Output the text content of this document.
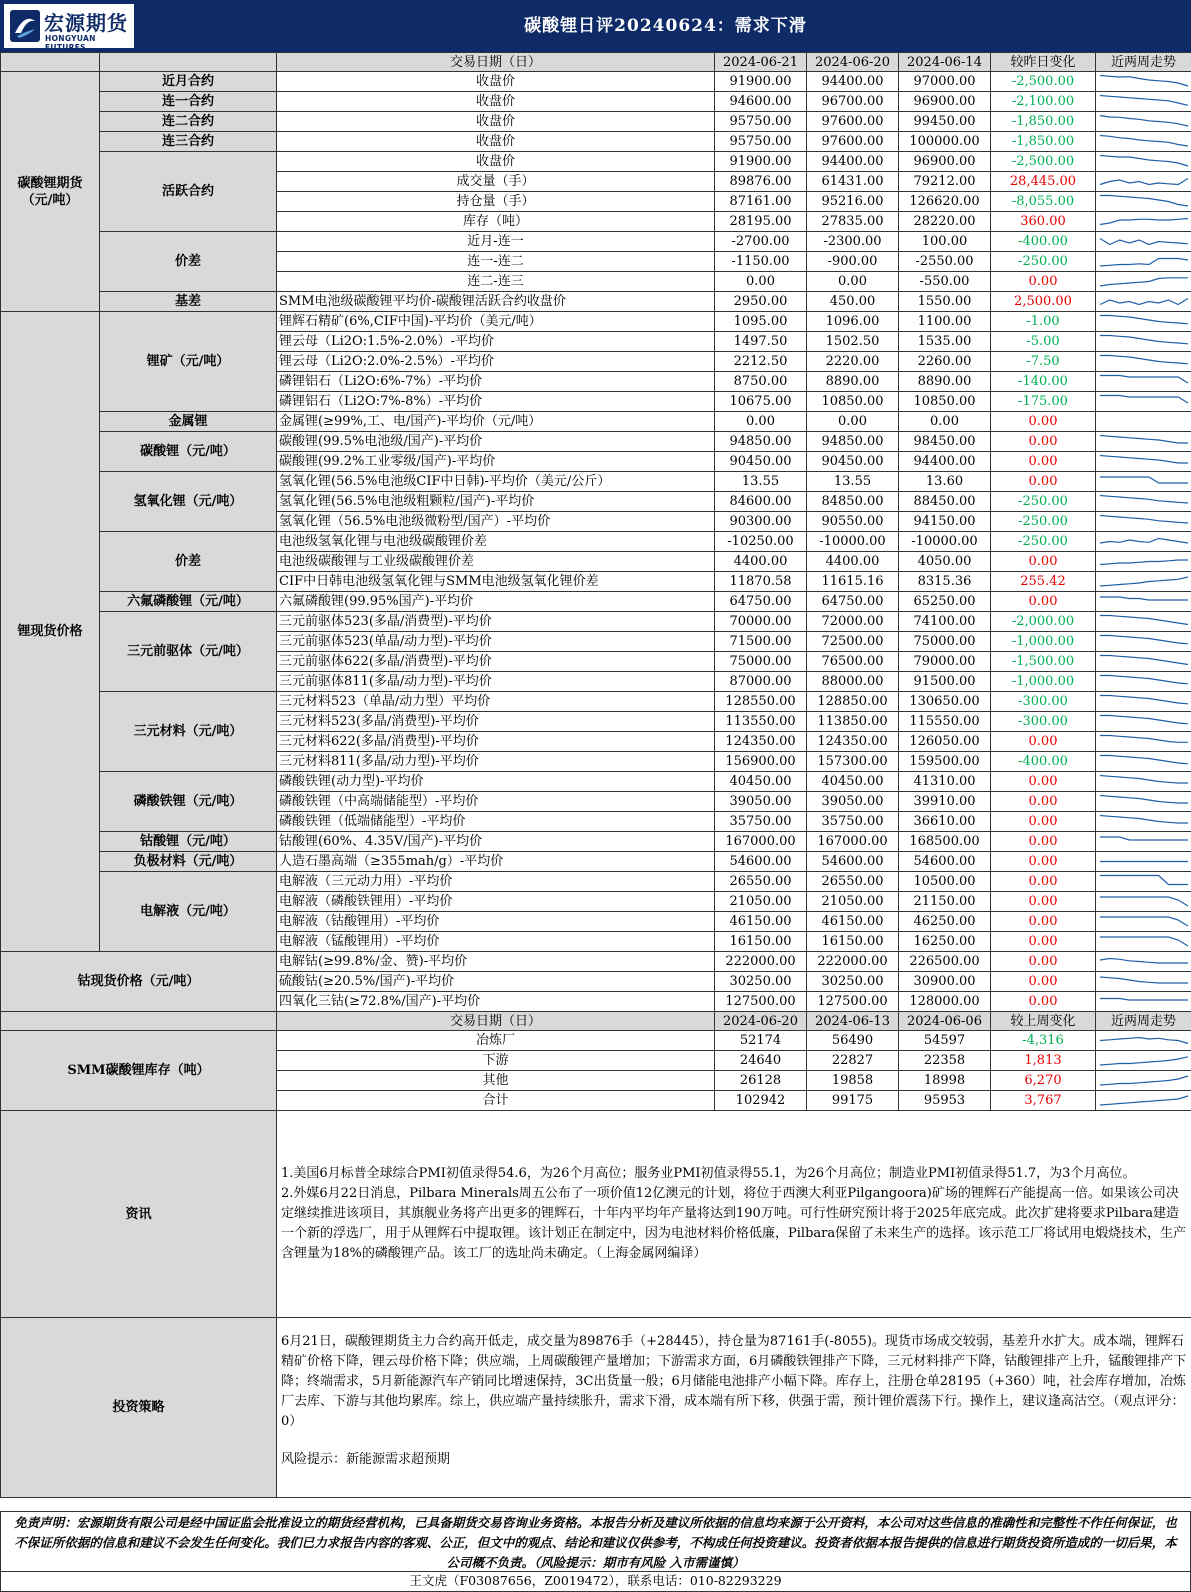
宏源期货
HONGYUAN FUTURES
碳酸锂日评20240624：需求下滑
		交易日期（日）	2024-06-21	2024-06-20	2024-06-14	较昨日变化	近两周走势
碳酸锂期货（元/吨）	近月合约	收盘价	91900.00	94400.00	97000.00	-2,500.00	

	连一合约	收盘价	94600.00	96700.00	96900.00	-2,100.00	

	连二合约	收盘价	95750.00	97600.00	99450.00	-1,850.00	

	连三合约	收盘价	95750.00	97600.00	100000.00	-1,850.00	

	活跃合约	收盘价	91900.00	94400.00	96900.00	-2,500.00	

		成交量（手）	89876.00	61431.00	79212.00	28,445.00	

		持仓量（手）	87161.00	95216.00	126620.00	-8,055.00	

		库存（吨）	28195.00	27835.00	28220.00	360.00	

	价差	近月-连一	-2700.00	-2300.00	100.00	-400.00	

		连一-连二	-1150.00	-900.00	-2550.00	-250.00	

		连二-连三	0.00	0.00	-550.00	0.00	

	基差	SMM电池级碳酸锂平均价-碳酸锂活跃合约收盘价	2950.00	450.00	1550.00	2,500.00	

锂现货价格	锂矿（元/吨）	锂辉石精矿(6%,CIF中国)-平均价（美元/吨）	1095.00	1096.00	1100.00	-1.00	

		锂云母（Li2O:1.5%-2.0%）-平均价	1497.50	1502.50	1535.00	-5.00	

		锂云母（Li2O:2.0%-2.5%）-平均价	2212.50	2220.00	2260.00	-7.50	

		磷锂铝石（Li2O:6%-7%）-平均价	8750.00	8890.00	8890.00	-140.00	

		磷锂铝石（Li2O:7%-8%）-平均价	10675.00	10850.00	10850.00	-175.00	

	金属锂	金属锂(≥99%,工、电/国产)-平均价（元/吨）	0.00	0.00	0.00	0.00	

	碳酸锂（元/吨）	碳酸锂(99.5%电池级/国产)-平均价	94850.00	94850.00	98450.00	0.00	

		碳酸锂(99.2%工业零级/国产)-平均价	90450.00	90450.00	94400.00	0.00	

	氢氧化锂（元/吨）	氢氧化锂(56.5%电池级CIF中日韩)-平均价（美元/公斤）	13.55	13.55	13.60	0.00	

		氢氧化锂(56.5%电池级粗颗粒/国产)-平均价	84600.00	84850.00	88450.00	-250.00	

		氢氧化锂（56.5%电池级微粉型/国产）-平均价	90300.00	90550.00	94150.00	-250.00	

	价差	电池级氢氧化锂与电池级碳酸锂价差	-10250.00	-10000.00	-10000.00	-250.00	

		电池级碳酸锂与工业级碳酸锂价差	4400.00	4400.00	4050.00	0.00	

		CIF中日韩电池级氢氧化锂与SMM电池级氢氧化锂价差	11870.58	11615.16	8315.36	255.42	

	六氟磷酸锂（元/吨）	六氟磷酸锂(99.95%国产)-平均价	64750.00	64750.00	65250.00	0.00	

	三元前驱体（元/吨）	三元前驱体523(多晶/消费型)-平均价	70000.00	72000.00	74100.00	-2,000.00	

		三元前驱体523(单晶/动力型)-平均价	71500.00	72500.00	75000.00	-1,000.00	

		三元前驱体622(多晶/消费型)-平均价	75000.00	76500.00	79000.00	-1,500.00	

		三元前驱体811(多晶/动力型)-平均价	87000.00	88000.00	91500.00	-1,000.00	

	三元材料（元/吨）	三元材料523（单晶/动力型）平均价	128550.00	128850.00	130650.00	-300.00	

		三元材料523(多晶/消费型)-平均价	113550.00	113850.00	115550.00	-300.00	

		三元材料622(多晶/消费型)-平均价	124350.00	124350.00	126050.00	0.00	

		三元材料811(多晶/动力型)-平均价	156900.00	157300.00	159500.00	-400.00	

	磷酸铁锂（元/吨）	磷酸铁锂(动力型)-平均价	40450.00	40450.00	41310.00	0.00	

		磷酸铁锂（中高端储能型）-平均价	39050.00	39050.00	39910.00	0.00	

		磷酸铁锂（低端储能型）-平均价	35750.00	35750.00	36610.00	0.00	

	钴酸锂（元/吨）	钴酸锂(60%、4.35V/国产)-平均价	167000.00	167000.00	168500.00	0.00	

	负极材料（元/吨）	人造石墨高端（≥355mah/g）-平均价	54600.00	54600.00	54600.00	0.00	

	电解液（元/吨）	电解液（三元动力用）-平均价	26550.00	26550.00	10500.00	0.00	

		电解液（磷酸铁锂用）-平均价	21050.00	21050.00	21150.00	0.00	

		电解液（钴酸锂用）-平均价	46150.00	46150.00	46250.00	0.00	

		电解液（锰酸锂用）-平均价	16150.00	16150.00	16250.00	0.00	

钴现货价格（元/吨）		电解钴(≥99.8%/金、赞)-平均价	222000.00	222000.00	226500.00	0.00	

		硫酸钴(≥20.5%/国产)-平均价	30250.00	30250.00	30900.00	0.00	

		四氧化三钴(≥72.8%/国产)-平均价	127500.00	127500.00	128000.00	0.00	

		交易日期（日）	2024-06-20	2024-06-13	2024-06-06	较上周变化	近两周走势
SMM碳酸锂库存（吨）		冶炼厂	52174	56490	54597	-4,316	

		下游	24640	22827	22358	1,813	

		其他	26128	19858	18998	6,270	

		合计	102942	99175	95953	3,767	

资讯		1.美国6月标普全球综合PMI初值录得54.6，为26个月高位；服务业PMI初值录得55.1，为26个月高位；制造业PMI初值录得51.7，为3个月高位。
2.外媒6月22日消息，Pilbara Minerals周五公布了一项价值12亿澳元的计划，将位于西澳大利亚Pilgangoora)矿场的锂辉石产能提高一倍。如果该公司决定继续推进该项目，其旗舰业务将产出更多的锂辉石，十年内平均年产量将达到190万吨。可行性研究预计将于2025年底完成。此次扩建将要求Pilbara建造一个新的浮选厂，用于从锂辉石中提取锂。该计划正在制定中，因为电池材料价格低廉，Pilbara保留了未来生产的选择。该示范工厂将试用电煅烧技术，生产含锂量为18%的磷酸锂产品。该工厂的选址尚未确定。（上海金属网编译）					

投资策略		6月21日，碳酸锂期货主力合约高开低走，成交量为89876手（+28445），持仓量为87161手(-8055)。现货市场成交较弱，基差升水扩大。成本端，锂辉石精矿价格下降，锂云母价格下降；供应端，上周碳酸锂产量增加；下游需求方面，6月磷酸铁锂排产下降，三元材料排产下降，钴酸锂排产上升，锰酸锂排产下降；终端需求，5月新能源汽车产销同比增速保持，3C出货量一般；6月储能电池排产小幅下降。库存上，注册仓单28195（+360）吨，社会库存增加，冶炼厂去库、下游与其他均累库。综上，供应端产量持续胀升，需求下滑，成本端有所下移，供强于需，预计锂价震荡下行。操作上，建议逢高沽空。（观点评分：0）
风险提示：新能源需求超预期					
免责声明：宏源期货有限公司是经中国证监会批准设立的期货经营机构，已具备期货交易咨询业务资格。本报告分析及建议所依据的信息均来源于公开资料，本公司对这些信息的准确性和完整性不作任何保证，也不保证所依据的信息和建议不会发生任何变化。我们已力求报告内容的客观、公正，但文中的观点、结论和建议仅供参考，不构成任何投资建议。投资者依据本报告提供的信息进行期货投资所造成的一切后果，本公司概不负责。（风险提示：期市有风险 入市需谨慎）
王文虎（F03087656，Z0019472），联系电话：010-82293229
